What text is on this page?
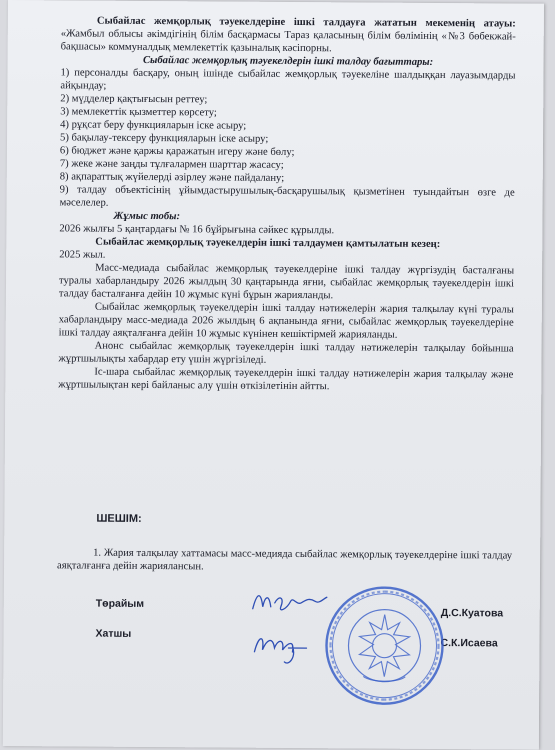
Сыбайлас жемқорлық тәуекелдеріне ішкі талдауға жататын мекеменің атауы: «Жамбыл облысы әкімдігінің білім басқармасы Тараз қаласының білім бөлімінің «№3 бөбекжай-бақшасы» коммуналдық мемлекеттік қазыналық кәсіпорны.

Сыбайлас жемқорлық тәуекелдерін ішкі талдау бағыттары:

1) персоналды басқару, оның ішінде сыбайлас жемқорлық тәуекеліне шалдыққан лауазымдарды айқындау;

2) мүдделер қақтығысын реттеу;

3) мемлекеттік қызметтер көрсету;

4) рұқсат беру функцияларын іске асыру;

5) бақылау-тексеру функцияларын іске асыру;

6) бюджет және қаржы қаражатын игеру және бөлу;

7) жеке және заңды тұлғалармен шарттар жасасу;

8) ақпараттық жүйелерді әзірлеу және пайдалану;

9) талдау объектісінің ұйымдастырушылық-басқарушылық қызметінен туындайтын өзге де мәселелер.

Жұмыс тобы:

2026 жылғы 5 қаңтардағы № 16 бұйрығына сәйкес құрылды.

Сыбайлас жемқорлық тәуекелдерін ішкі талдаумен қамтылатын кезең:

2025 жыл.

Масс-медиада сыбайлас жемқорлық тәуекелдеріне ішкі талдау жүргізудің басталғаны туралы хабарландыру 2026 жылдың 30 қаңтарында яғни, сыбайлас жемқорлық тәуекелдерін ішкі талдау басталғанға дейін 10 жұмыс күні бұрын жарияланды.

Сыбайлас жемқорлық тәуекелдерін ішкі талдау нәтижелерін жария талқылау күні туралы хабарландыру масс-медиада 2026 жылдың 6 ақпанында яғни, сыбайлас жемқорлық тәуекелдеріне ішкі талдау аяқталғанға дейін 10 жұмыс күнінен кешіктірмей жарияланды.

Анонс сыбайлас жемқорлық тәуекелдерін ішкі талдау нәтижелерін талқылау бойынша жұртшылықты хабардар ету үшін жүргізіледі.

Іс-шара сыбайлас жемқорлық тәуекелдерін ішкі талдау нәтижелерін жария талқылау және жұртшылықтан кері байланыс алу үшін өткізілетінін айтты.

ШЕШІМ:

1. Жария талқылау хаттамасы масс-медияда сыбайлас жемқорлық тәуекелдеріне ішкі талдау аяқталғанға дейін жариялансын.

Төрайым
Хатшы
Д.С.Куатова
С.К.Исаева
